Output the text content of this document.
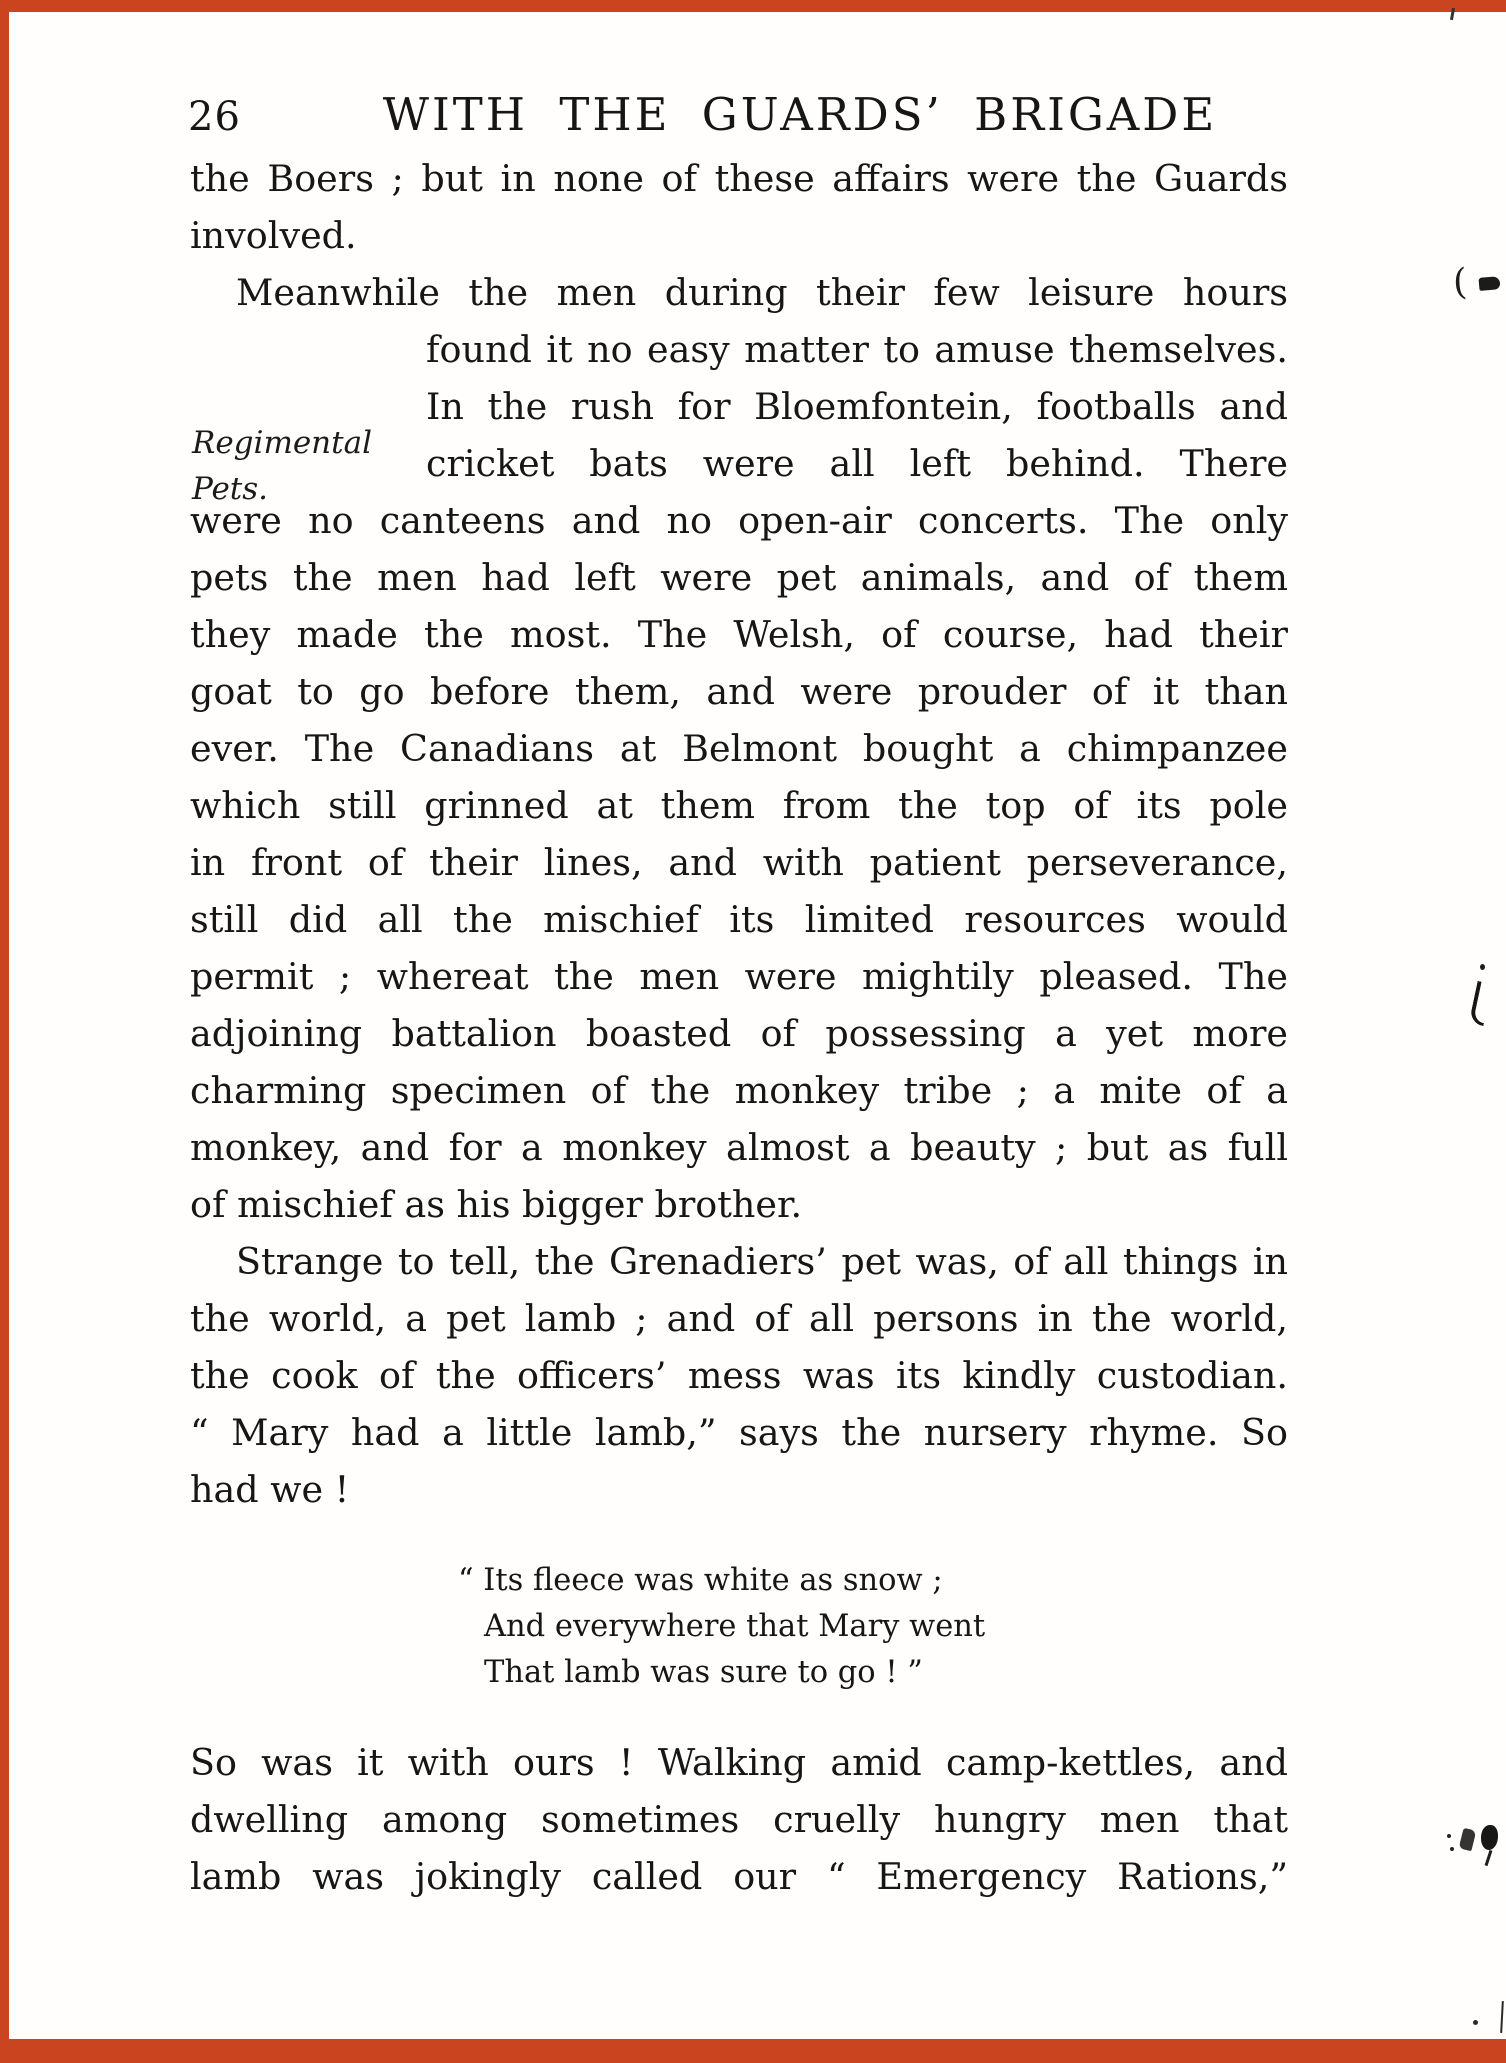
26	WITH THE GUARDS’ BRIGADE
Regimental
Pets.
the Boers ; but in none of these affairs were the Guards
involved.
Meanwhile the men during their few leisure hours
found it no easy matter to amuse themselves.
In the rush for Bloemfontein, footballs and
cricket bats were all left behind. There
were no canteens and no open-air concerts. The only
pets the men had left were pet animals, and of them
they made the most. The Welsh, of course, had their
goat to go before them, and were prouder of it than
ever. The Canadians at Belmont bought a chimpanzee
which still grinned at them from the top of its pole
in front of their lines, and with patient perseverance,
still did all the mischief its limited resources would
permit ; whereat the men were mightily pleased. The
adjoining battalion boasted of possessing a yet more
charming specimen of the monkey tribe ; a mite of a
monkey, and for a monkey almost a beauty ; but as full
of mischief as his bigger brother.
Strange to tell, the Grenadiers’ pet was, of all things in
the world, a pet lamb ; and of all persons in the world,
the cook of the officers’ mess was its kindly custodian.
“ Mary had a little lamb,” says the nursery rhyme. So
had we !
“ Its fleece was white as snow ;
And everywhere that Mary went
That lamb was sure to go ! ”
So was it with ours ! Walking amid camp-kettles, and
dwelling among sometimes cruelly hungry men that
lamb was jokingly called our “ Emergency Rations,”
(
